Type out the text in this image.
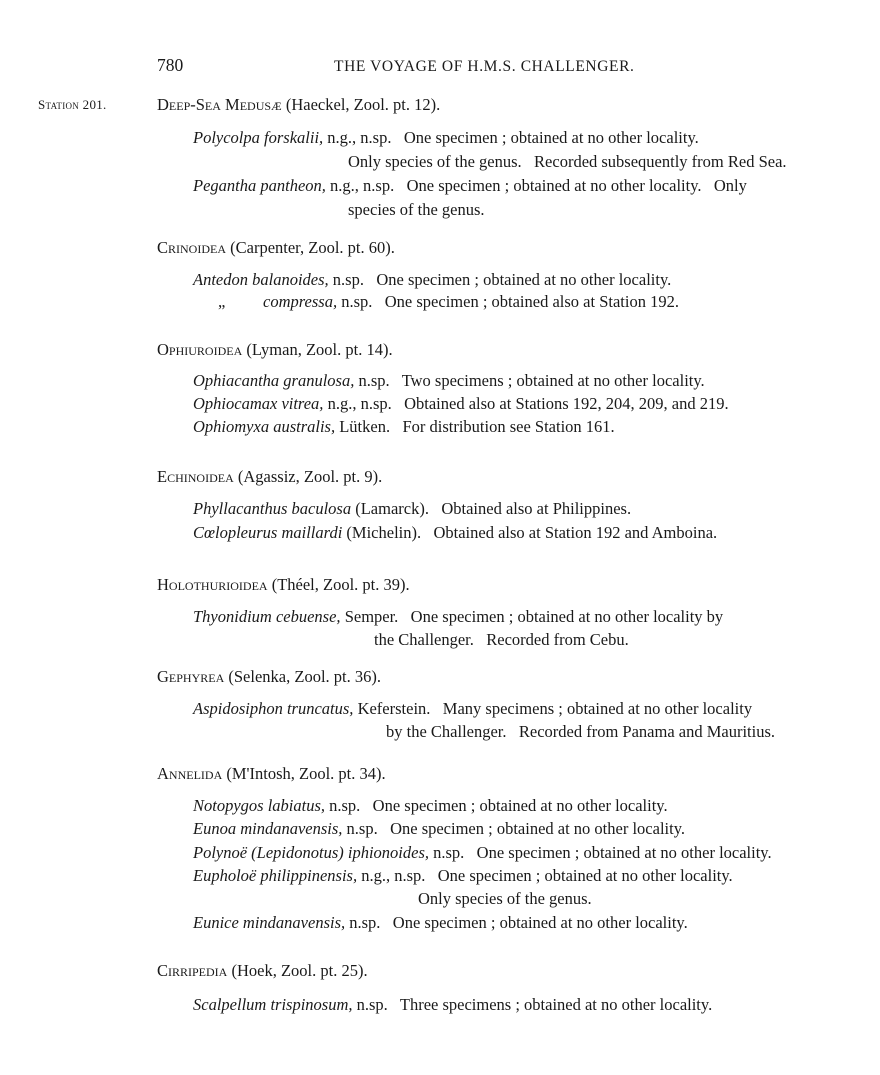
780	THE VOYAGE OF H.M.S. CHALLENGER.
Station 201.	Deep-Sea Medusæ (Haeckel, Zool. pt. 12).
Polycolpa forskalii, n.g., n.sp.   One specimen ; obtained at no other locality.
Only species of the genus.   Recorded subsequently from Red Sea.
Pegantha pantheon, n.g., n.sp.   One specimen ; obtained at no other locality.   Only
species of the genus.
Crinoidea (Carpenter, Zool. pt. 60).
Antedon balanoides, n.sp.   One specimen ; obtained at no other locality.
„ compressa, n.sp.   One specimen ; obtained also at Station 192.
Ophiuroidea (Lyman, Zool. pt. 14).
Ophiacantha granulosa, n.sp.   Two specimens ; obtained at no other locality.
Ophiocamax vitrea, n.g., n.sp.   Obtained also at Stations 192, 204, 209, and 219.
Ophiomyxa australis, Lütken.   For distribution see Station 161.
Echinoidea (Agassiz, Zool. pt. 9).
Phyllacanthus baculosa (Lamarck).   Obtained also at Philippines.
Cœlopleurus maillardi (Michelin).   Obtained also at Station 192 and Amboina.
Holothurioidea (Théel, Zool. pt. 39).
Thyonidium cebuense, Semper.   One specimen ; obtained at no other locality by
the Challenger.   Recorded from Cebu.
Gephyrea (Selenka, Zool. pt. 36).
Aspidosiphon truncatus, Keferstein.   Many specimens ; obtained at no other locality
by the Challenger.   Recorded from Panama and Mauritius.
Annelida (M'Intosh, Zool. pt. 34).
Notopygos labiatus, n.sp.   One specimen ; obtained at no other locality.
Eunoa mindanavensis, n.sp.   One specimen ; obtained at no other locality.
Polynoë (Lepidonotus) iphionoides, n.sp.   One specimen ; obtained at no other locality.
Eupholoë philippinensis, n.g., n.sp.   One specimen ; obtained at no other locality.
Only species of the genus.
Eunice mindanavensis, n.sp.   One specimen ; obtained at no other locality.
Cirripedia (Hoek, Zool. pt. 25).
Scalpellum trispinosum, n.sp.   Three specimens ; obtained at no other locality.
